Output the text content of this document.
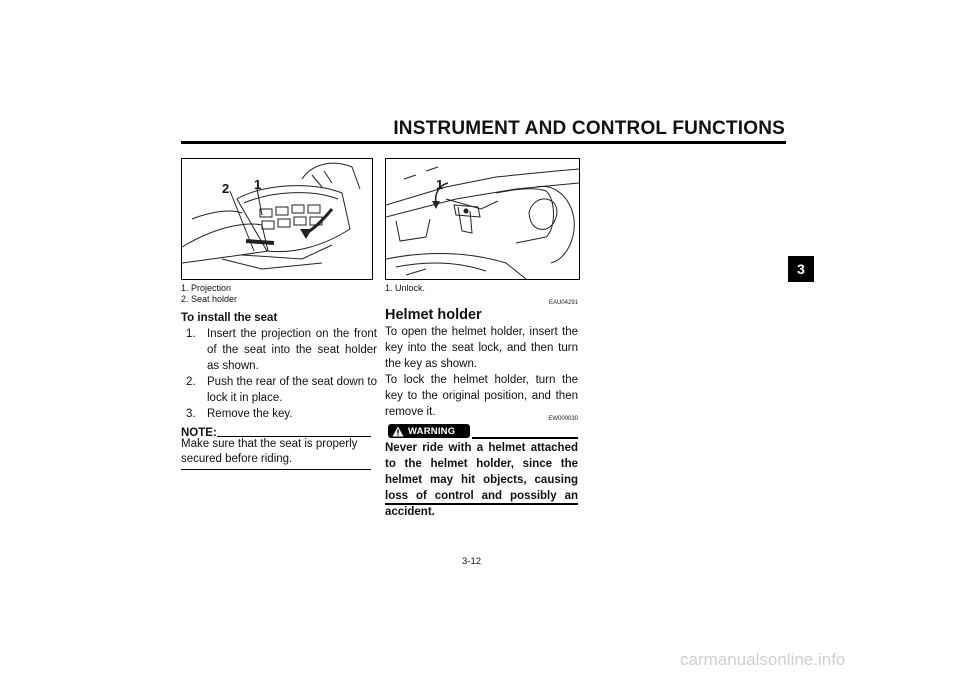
INSTRUMENT AND CONTROL FUNCTIONS
3
2 1
1. Projection
2. Seat holder
To install the seat
1. Insert the projection on the front of the seat into the seat holder as shown.
2. Push the rear of the seat down to lock it in place.
3. Remove the key.
NOTE:
Make sure that the seat is properly secured before riding.
1
1. Unlock.
EAU04291
Helmet holder
To open the helmet holder, insert the key into the seat lock, and then turn the key as shown.
To lock the helmet holder, turn the key to the original position, and then remove it.
EW000030
WARNING
Never ride with a helmet attached to the helmet holder, since the helmet may hit objects, causing loss of control and possibly an accident.
3-12
carmanualsonline.info
